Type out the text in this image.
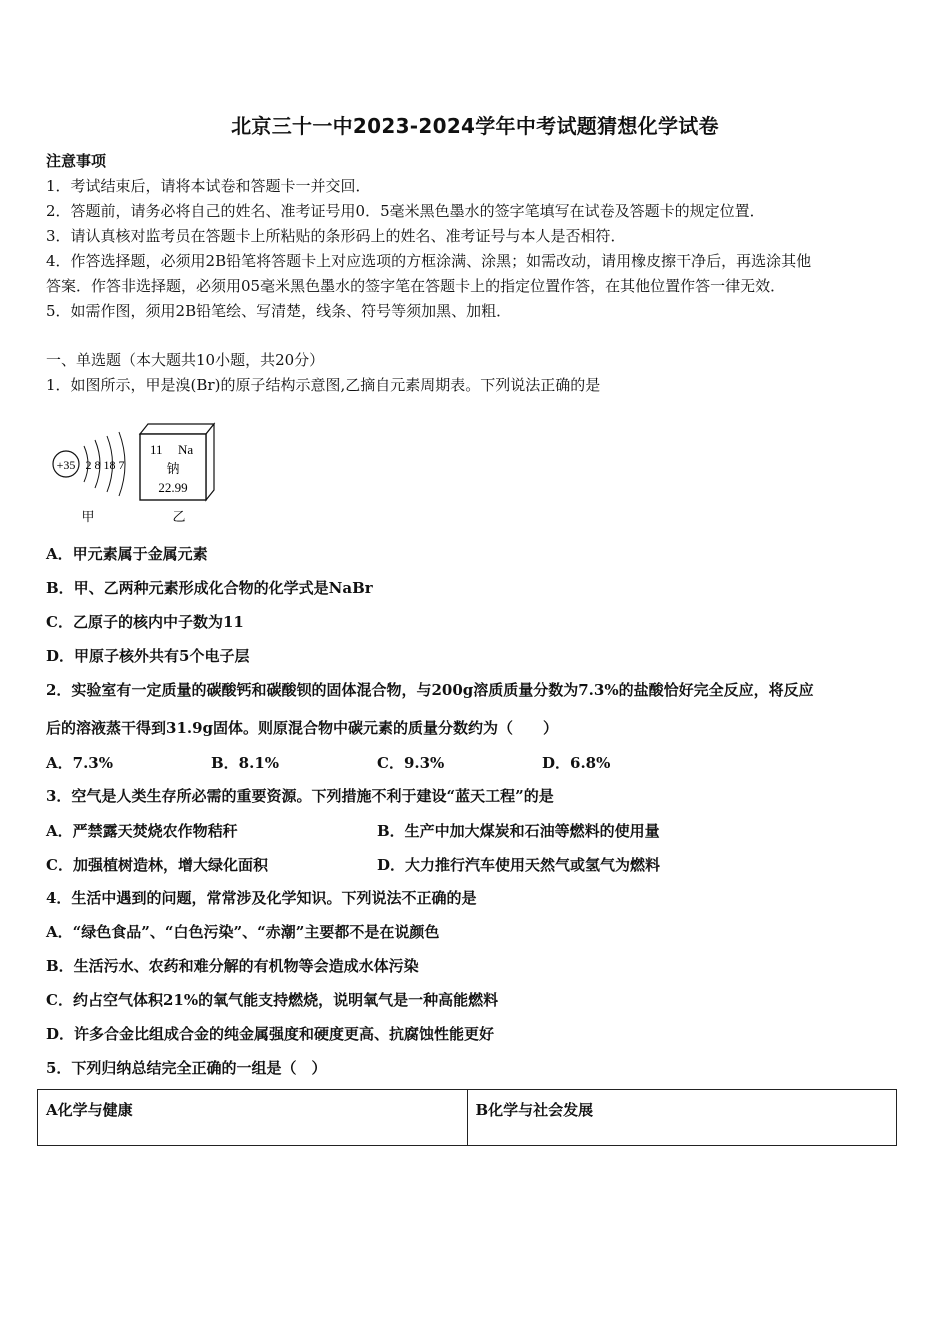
北京三十一中2023-2024学年中考试题猜想化学试卷
注意事项
1．考试结束后，请将本试卷和答题卡一并交回．
2．答题前，请务必将自己的姓名、准考证号用0．5毫米黑色墨水的签字笔填写在试卷及答题卡的规定位置．
3．请认真核对监考员在答题卡上所粘贴的条形码上的姓名、准考证号与本人是否相符．
4．作答选择题，必须用2B铅笔将答题卡上对应选项的方框涂满、涂黑；如需改动，请用橡皮擦干净后，再选涂其他
答案．作答非选择题，必须用05毫米黑色墨水的签字笔在答题卡上的指定位置作答，在其他位置作答一律无效．
5．如需作图，须用2B铅笔绘、写清楚，线条、符号等须加黑、加粗．
一、单选题（本大题共10小题，共20分）
1．如图所示，甲是溴(Br)的原子结构示意图,乙摘自元素周期表。下列说法正确的是
+35 2 8 18 7
甲
11 Na
钠
22.99
乙
A．甲元素属于金属元素
B．甲、乙两种元素形成化合物的化学式是NaBr
C．乙原子的核内中子数为11
D．甲原子核外共有5个电子层
2．实验室有一定质量的碳酸钙和碳酸钡的固体混合物，与200g溶质质量分数为7.3%的盐酸恰好完全反应，将反应
后的溶液蒸干得到31.9g固体。则原混合物中碳元素的质量分数约为（　　）
A．7.3%	B．8.1%	C．9.3%	D．6.8%
3．空气是人类生存所必需的重要资源。下列措施不利于建设“蓝天工程”的是
A．严禁露天焚烧农作物秸秆	B．生产中加大煤炭和石油等燃料的使用量
C．加强植树造林，增大绿化面积	D．大力推行汽车使用天然气或氢气为燃料
4．生活中遇到的问题，常常涉及化学知识。下列说法不正确的是
A．“绿色食品”、“白色污染”、“赤潮”主要都不是在说颜色
B．生活污水、农药和难分解的有机物等会造成水体污染
C．约占空气体积21%的氧气能支持燃烧，说明氧气是一种高能燃料
D．许多合金比组成合金的纯金属强度和硬度更高、抗腐蚀性能更好
5．下列归纳总结完全正确的一组是（　）
A化学与健康	B化学与社会发展
